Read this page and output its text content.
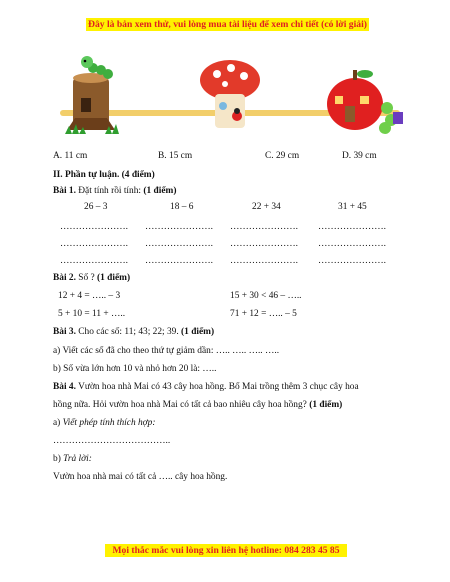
Đây là bản xem thử, vui lòng mua tài liệu để xem chi tiết (có lời giải)
A. 11 cm	B. 15 cm	C. 29 cm	D. 39 cm
II. Phần tự luận. (4 điểm)
Bài 1. Đặt tính rồi tính: (1 điểm)
26 – 3	18 – 6	22 + 34	31 + 45
…………………. …………………. …………………. ………………….
…………………. …………………. …………………. ………………….
…………………. …………………. …………………. ………………….
Bài 2. Số ? (1 điểm)
12 + 4 = ….. – 3	15 + 30 < 46 – …..
5 + 10 = 11 + …..	71 + 12 = ….. – 5
Bài 3. Cho các số: 11; 43; 22; 39. (1 điểm)
a) Viết các số đã cho theo thứ tự giảm dần: ….. ….. ….. …..
b) Số vừa lớn hơn 10 và nhỏ hơn 20 là: …..
Bài 4. Vườn hoa nhà Mai có 43 cây hoa hồng. Bố Mai trồng thêm 3 chục cây hoa
hồng nữa. Hỏi vườn hoa nhà Mai có tất cả bao nhiêu cây hoa hồng? (1 điểm)
a) Viết phép tính thích hợp:
………………………………..
b) Trả lời:
Vườn hoa nhà mai có tất cả ….. cây hoa hồng.
Mọi thắc mắc vui lòng xin liên hệ hotline: 084 283 45 85
